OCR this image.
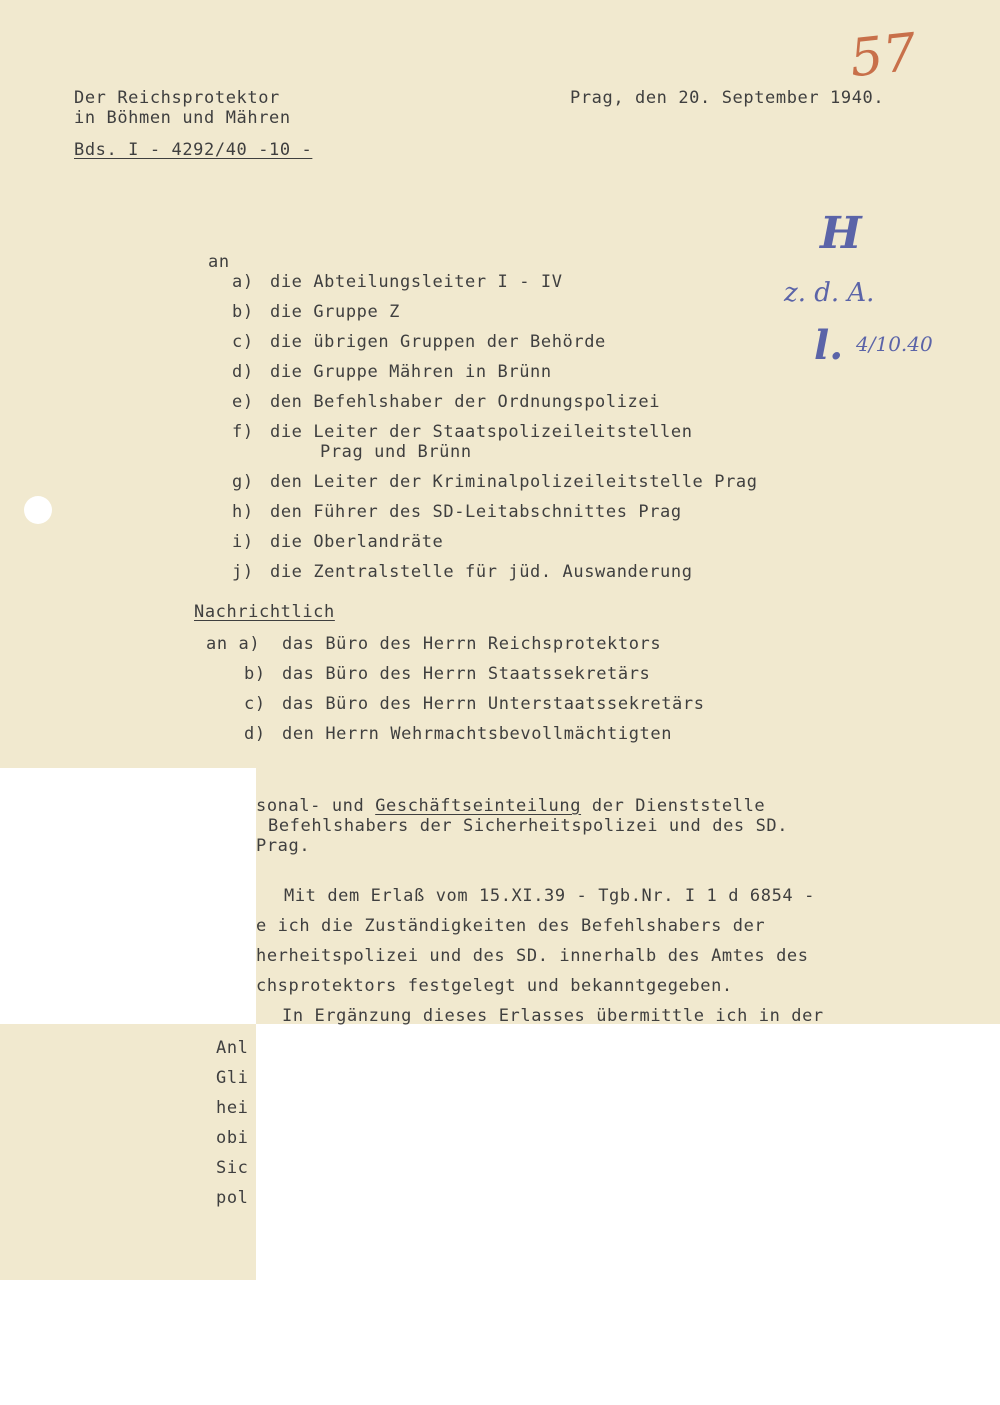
57
Der Reichsprotektor
in Böhmen und Mähren
Bds. I - 4292/40 -10 -
Prag, den 20. September 1940.
H
z. d. A.
l. 4/10.40
an
a) die Abteilungsleiter I - IV
b) die Gruppe Z
c) die übrigen Gruppen der Behörde
d) die Gruppe Mähren in Brünn
e) den Befehlshaber der Ordnungspolizei
f) die Leiter der Staatspolizeileitstellen
Prag und Brünn
g) den Leiter der Kriminalpolizeileitstelle Prag
h) den Führer des SD-Leitabschnittes Prag
i) die Oberlandräte
j) die Zentralstelle für jüd. Auswanderung
Nachrichtlich
an a) das Büro des Herrn Reichsprotektors
b) das Büro des Herrn Staatssekretärs
c) das Büro des Herrn Unterstaatssekretärs
d) den Herrn Wehrmachtsbevollmächtigten
sonal- und Geschäftseinteilung der Dienststelle
Befehlshabers der Sicherheitspolizei und des SD.
Prag.
Mit dem Erlaß vom 15.XI.39 - Tgb.Nr. I 1 d 6854 -
e ich die Zuständigkeiten des Befehlshabers der
herheitspolizei und des SD. innerhalb des Amtes des
chsprotektors festgelegt und bekanntgegeben.
In Ergänzung dieses Erlasses übermittle ich in der
Anl
Gli
hei
obi
Sic
pol
